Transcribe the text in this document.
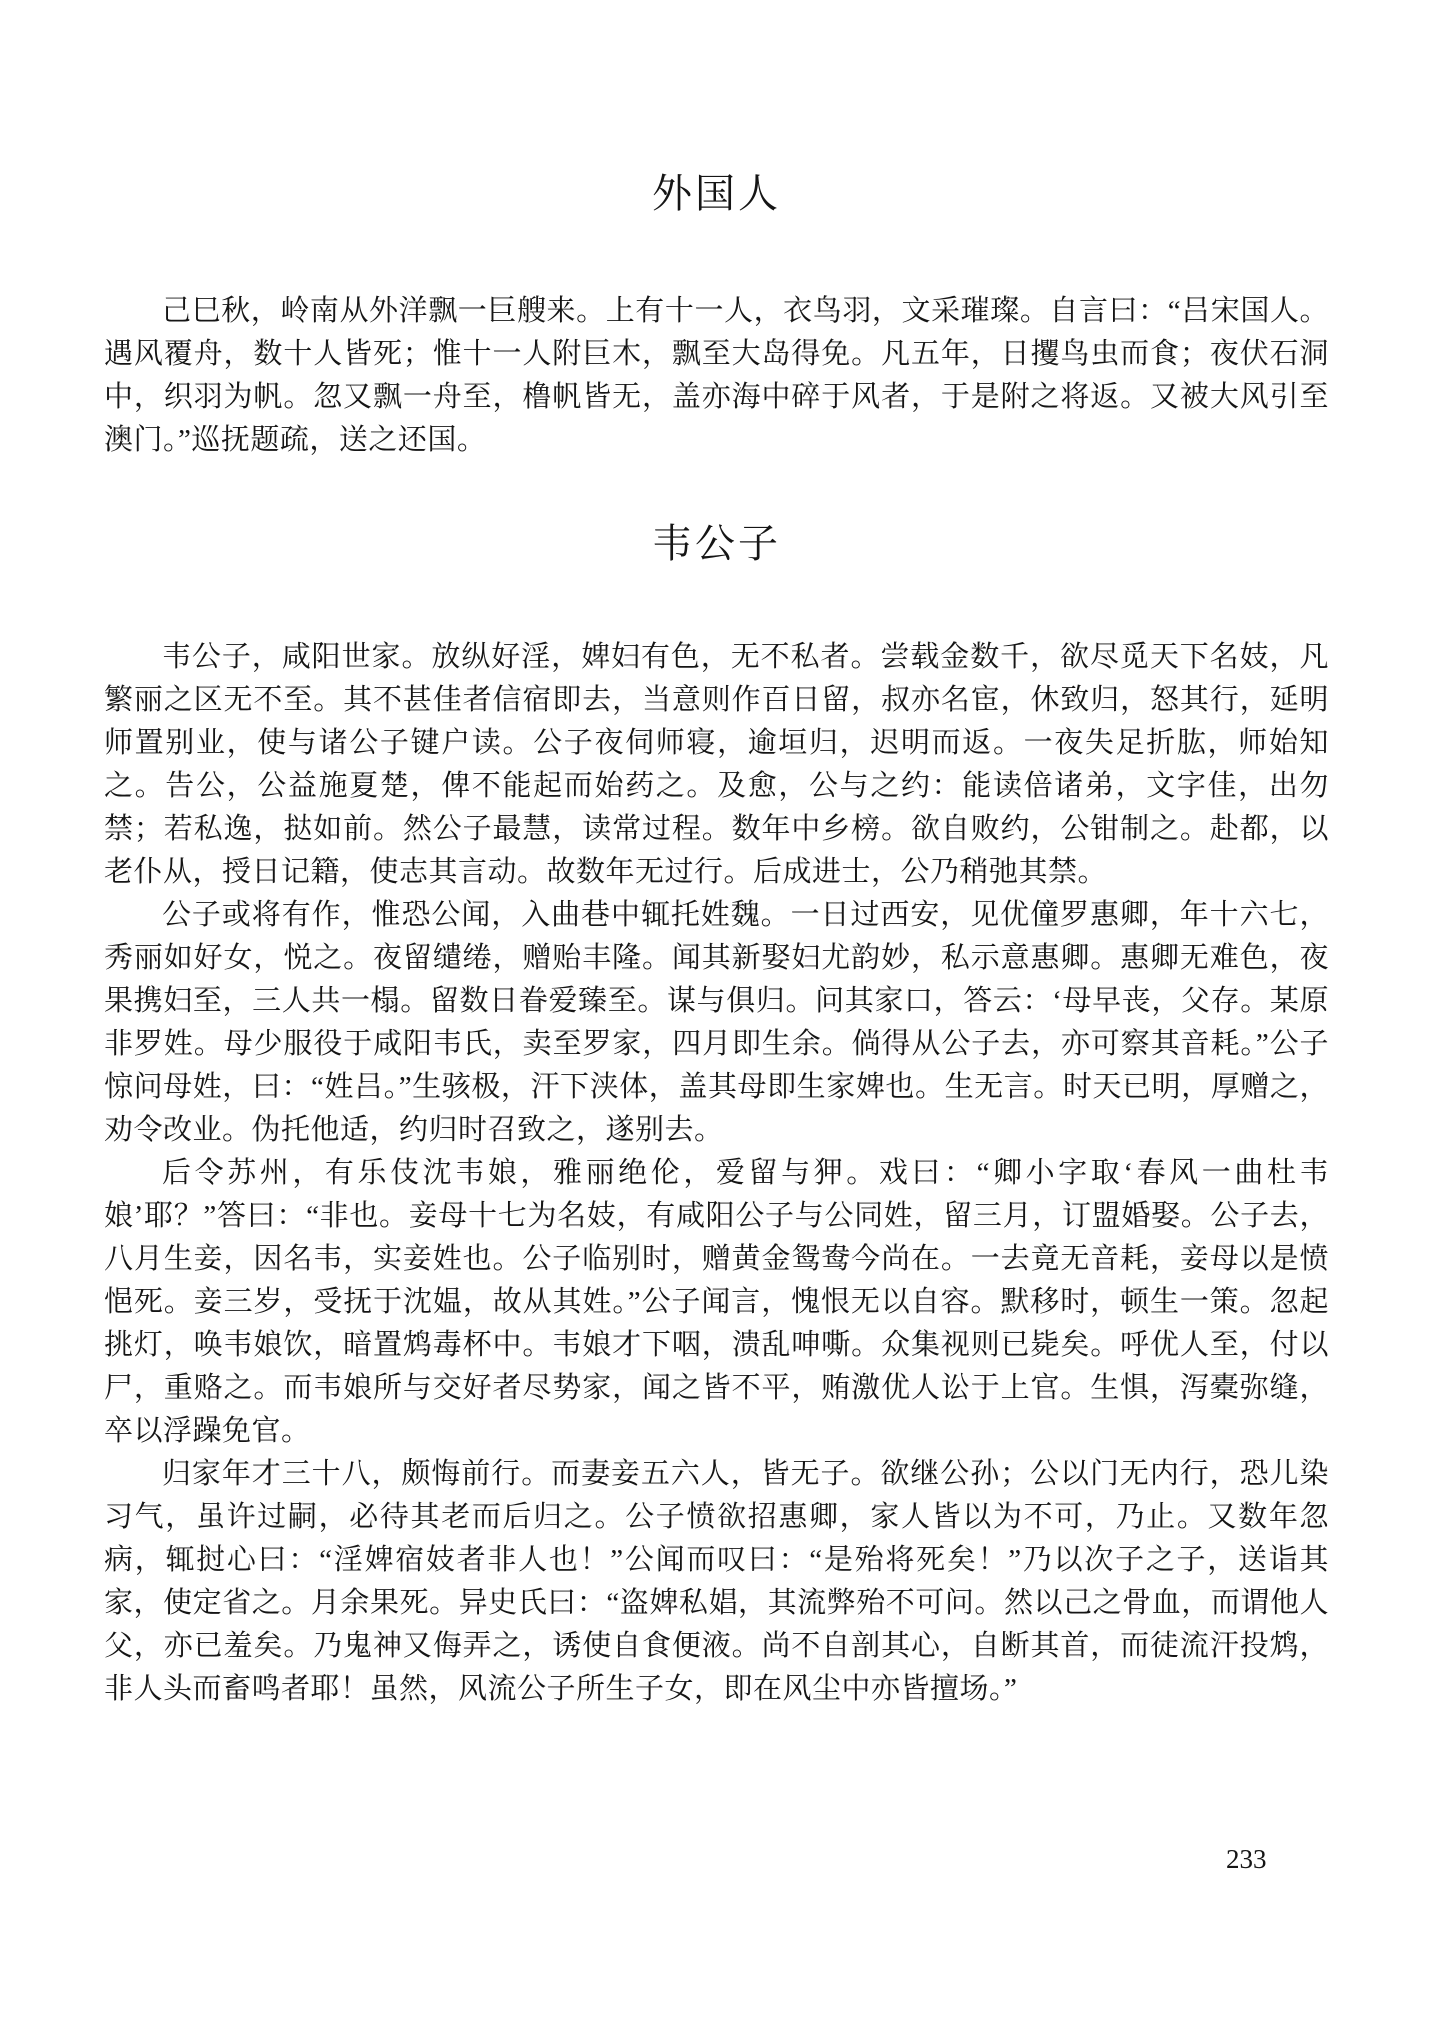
外国人

己巳秋，岭南从外洋飘一巨艘来。上有十一人，衣鸟羽，文采璀璨。自言曰：“吕宋国人。遇风覆舟，数十人皆死；惟十一人附巨木，飘至大岛得免。凡五年，日攫鸟虫而食；夜伏石洞中，织羽为帆。忽又飘一舟至，橹帆皆无，盖亦海中碎于风者，于是附之将返。又被大风引至澳门。”巡抚题疏，送之还国。

韦公子

韦公子，咸阳世家。放纵好淫，婢妇有色，无不私者。尝载金数千，欲尽觅天下名妓，凡繁丽之区无不至。其不甚佳者信宿即去，当意则作百日留，叔亦名宦，休致归，怒其行，延明师置别业，使与诸公子键户读。公子夜伺师寝，逾垣归，迟明而返。一夜失足折肱，师始知之。告公，公益施夏楚，俾不能起而始药之。及愈，公与之约：能读倍诸弟，文字佳，出勿禁；若私逸，挞如前。然公子最慧，读常过程。数年中乡榜。欲自败约，公钳制之。赴都，以老仆从，授日记籍，使志其言动。故数年无过行。后成进士，公乃稍弛其禁。

公子或将有作，惟恐公闻，入曲巷中辄托姓魏。一日过西安，见优僮罗惠卿，年十六七，秀丽如好女，悦之。夜留缱绻，赠贻丰隆。闻其新娶妇尤韵妙，私示意惠卿。惠卿无难色，夜果携妇至，三人共一榻。留数日眷爱臻至。谋与俱归。问其家口，答云：‘母早丧，父存。某原非罗姓。母少服役于咸阳韦氏，卖至罗家，四月即生余。倘得从公子去，亦可察其音耗。”公子惊问母姓，曰：“姓吕。”生骇极，汗下浃体，盖其母即生家婢也。生无言。时天已明，厚赠之，劝令改业。伪托他适，约归时召致之，遂别去。

后令苏州，有乐伎沈韦娘，雅丽绝伦，爱留与狎。戏曰：“卿小字取‘春风一曲杜韦娘’耶？”答曰：“非也。妾母十七为名妓，有咸阳公子与公同姓，留三月，订盟婚娶。公子去，八月生妾，因名韦，实妾姓也。公子临别时，赠黄金鸳鸯今尚在。一去竟无音耗，妾母以是愤悒死。妾三岁，受抚于沈媪，故从其姓。”公子闻言，愧恨无以自容。默移时，顿生一策。忽起挑灯，唤韦娘饮，暗置鸩毒杯中。韦娘才下咽，溃乱呻嘶。众集视则已毙矣。呼优人至，付以尸，重赂之。而韦娘所与交好者尽势家，闻之皆不平，贿激优人讼于上官。生惧，泻橐弥缝，卒以浮躁免官。

归家年才三十八，颇悔前行。而妻妾五六人，皆无子。欲继公孙；公以门无内行，恐儿染习气，虽许过嗣，必待其老而后归之。公子愤欲招惠卿，家人皆以为不可，乃止。又数年忽病，辄挝心曰：“淫婢宿妓者非人也！”公闻而叹曰：“是殆将死矣！”乃以次子之子，送诣其家，使定省之。月余果死。异史氏曰：“盗婢私娼，其流弊殆不可问。然以己之骨血，而谓他人父，亦已羞矣。乃鬼神又侮弄之，诱使自食便液。尚不自剖其心，自断其首，而徒流汗投鸩，非人头而畜鸣者耶！虽然，风流公子所生子女，即在风尘中亦皆擅场。”

233
